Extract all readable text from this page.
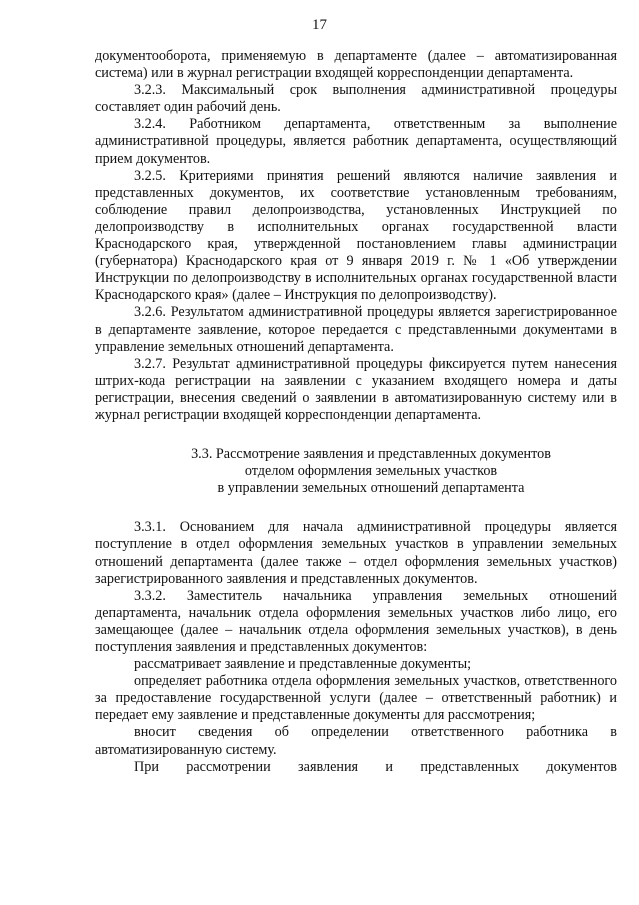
17

документооборота, применяемую в департаменте (далее – автоматизированная система) или в журнал регистрации входящей корреспонденции департамента.

3.2.3. Максимальный срок выполнения административной процедуры составляет один рабочий день.

3.2.4. Работником департамента, ответственным за выполнение административной процедуры, является работник департамента, осуществляющий прием документов.

3.2.5. Критериями принятия решений являются наличие заявления и представленных документов, их соответствие установленным требованиям, соблюдение правил делопроизводства, установленных Инструкцией по делопроизводству в исполнительных органах государственной власти Краснодарского края, утвержденной постановлением главы администрации (губернатора) Краснодарского края от 9 января 2019 г. № 1 «Об утверждении Инструкции по делопроизводству в исполнительных органах государственной власти Краснодарского края» (далее – Инструкция по делопроизводству).

3.2.6. Результатом административной процедуры является зарегистрированное в департаменте заявление, которое передается с представленными документами в управление земельных отношений департамента.

3.2.7. Результат административной процедуры фиксируется путем нанесения штрих-кода регистрации на заявлении с указанием входящего номера и даты регистрации, внесения сведений о заявлении в автоматизированную систему или в журнал регистрации входящей корреспонденции департамента.

3.3. Рассмотрение заявления и представленных документов

отделом оформления земельных участков

в управлении земельных отношений департамента

3.3.1. Основанием для начала административной процедуры является поступление в отдел оформления земельных участков в управлении земельных отношений департамента (далее также – отдел оформления земельных участков) зарегистрированного заявления и представленных документов.

3.3.2. Заместитель начальника управления земельных отношений департамента, начальник отдела оформления земельных участков либо лицо, его замещающее (далее – начальник отдела оформления земельных участков), в день поступления заявления и представленных документов:

рассматривает заявление и представленные документы;

определяет работника отдела оформления земельных участков, ответственного за предоставление государственной услуги (далее – ответственный работник) и передает ему заявление и представленные документы для рассмотрения;

вносит сведения об определении ответственного работника в автоматизированную систему.

При рассмотрении заявления и представленных документов
